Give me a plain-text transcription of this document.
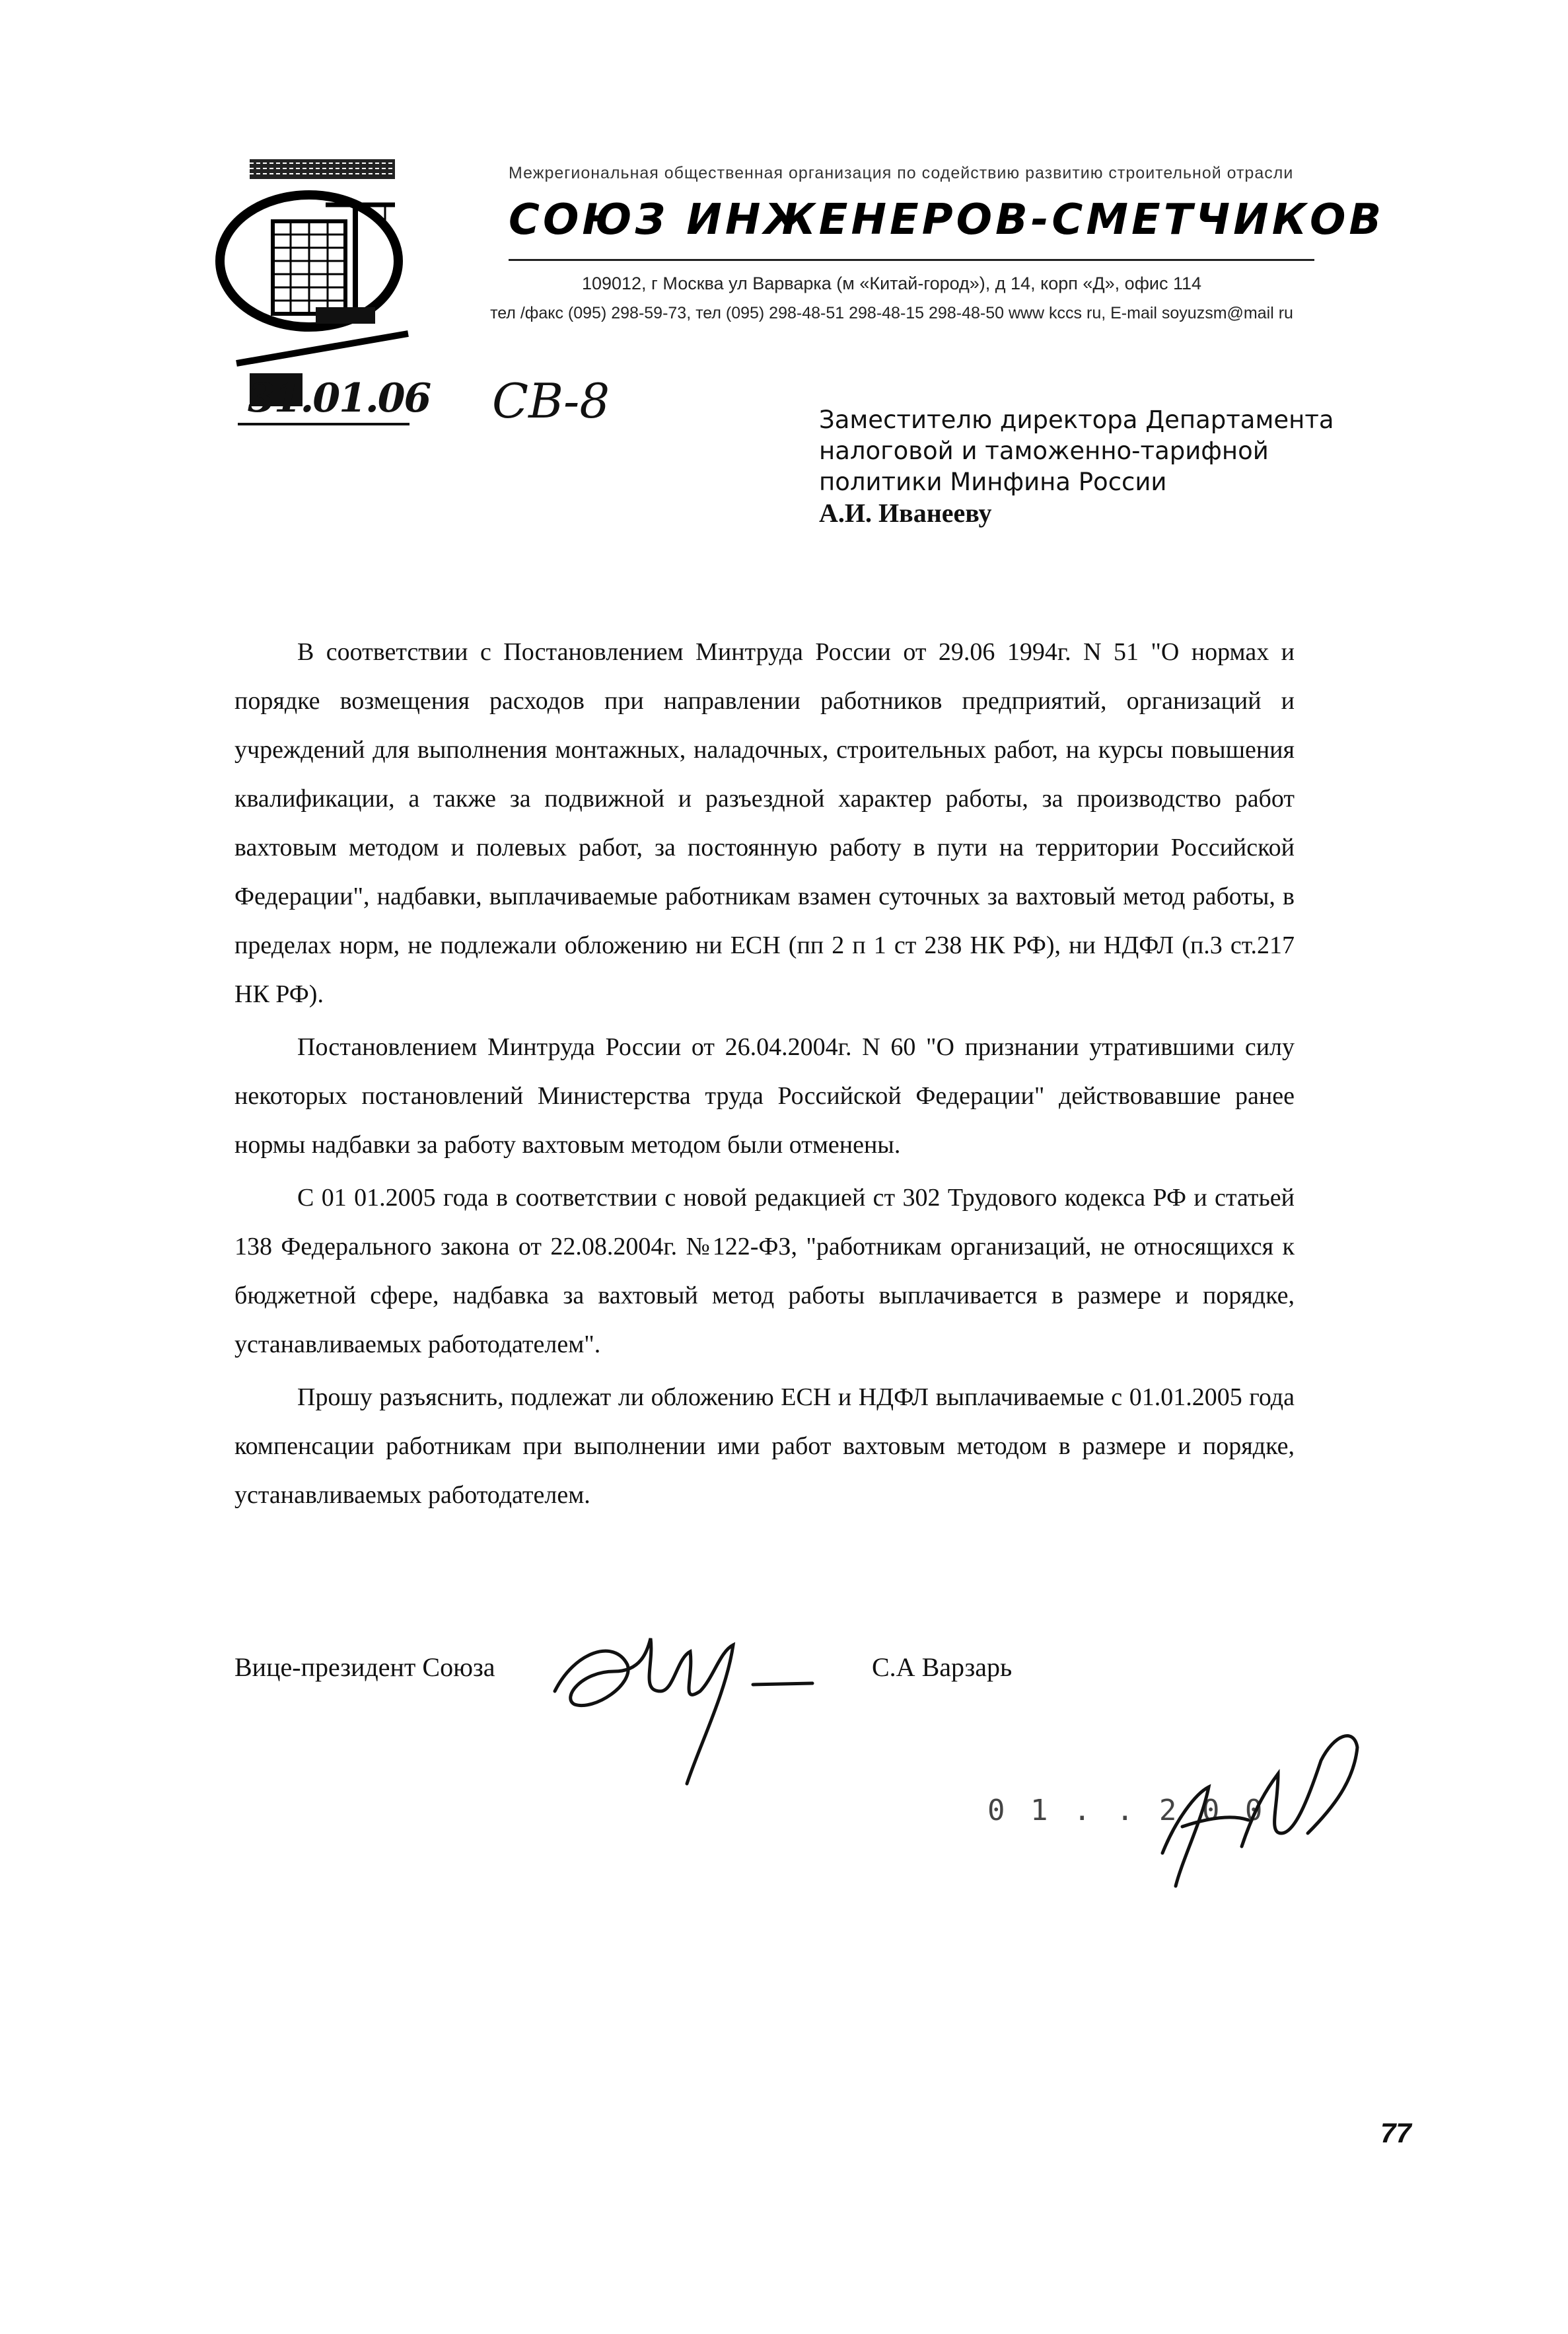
Межрегиональная общественная организация по содействию развитию строительной отрасли
СОЮЗ ИНЖЕНЕРОВ-СМЕТЧИКОВ
109012, г Москва ул Варварка (м «Китай-город»), д 14, корп «Д», офис 114
тел /факс (095) 298-59-73, тел (095) 298-48-51 298-48-15 298-48-50 www kccs ru, E-mail soyuzsm@mail ru
31.01.06 СВ-8	Заместителю директора Департамента
налоговой и таможенно-тарифной
политики Минфина России
А.И. Иванееву

В соответствии с Постановлением Минтруда России от 29.06 1994г. N 51 "О нормах и порядке возмещения расходов при направлении работников предприятий, организаций и учреждений для выполнения монтажных, наладочных, строительных работ, на курсы повышения квалификации, а также за подвижной и разъездной характер работы, за производство работ вахтовым методом и полевых работ, за постоянную работу в пути на территории Российской Федерации", надбавки, выплачиваемые работникам взамен суточных за вахтовый метод работы, в пределах норм, не подлежали обложению ни ЕСН (пп 2 п 1 ст 238 НК РФ), ни НДФЛ (п.3 ст.217 НК РФ).

Постановлением Минтруда России от 26.04.2004г. N 60 "О признании утратившими силу некоторых постановлений Министерства труда Российской Федерации" действовавшие ранее нормы надбавки за работу вахтовым методом были отменены.

С 01 01.2005 года в соответствии с новой редакцией ст 302 Трудового кодекса РФ и статьей 138 Федерального закона от 22.08.2004г. №122-ФЗ, "работникам организаций, не относящихся к бюджетной сфере, надбавка за вахтовый метод работы выплачивается в размере и порядке, устанавливаемых работодателем".

Прошу разъяснить, подлежат ли обложению ЕСН и НДФЛ выплачиваемые с 01.01.2005 года компенсации работникам при выполнении ими работ вахтовым методом в размере и порядке, устанавливаемых работодателем.

Вице-президент Союза	С.А Варзарь
0 1 . . 2 0 0
77
